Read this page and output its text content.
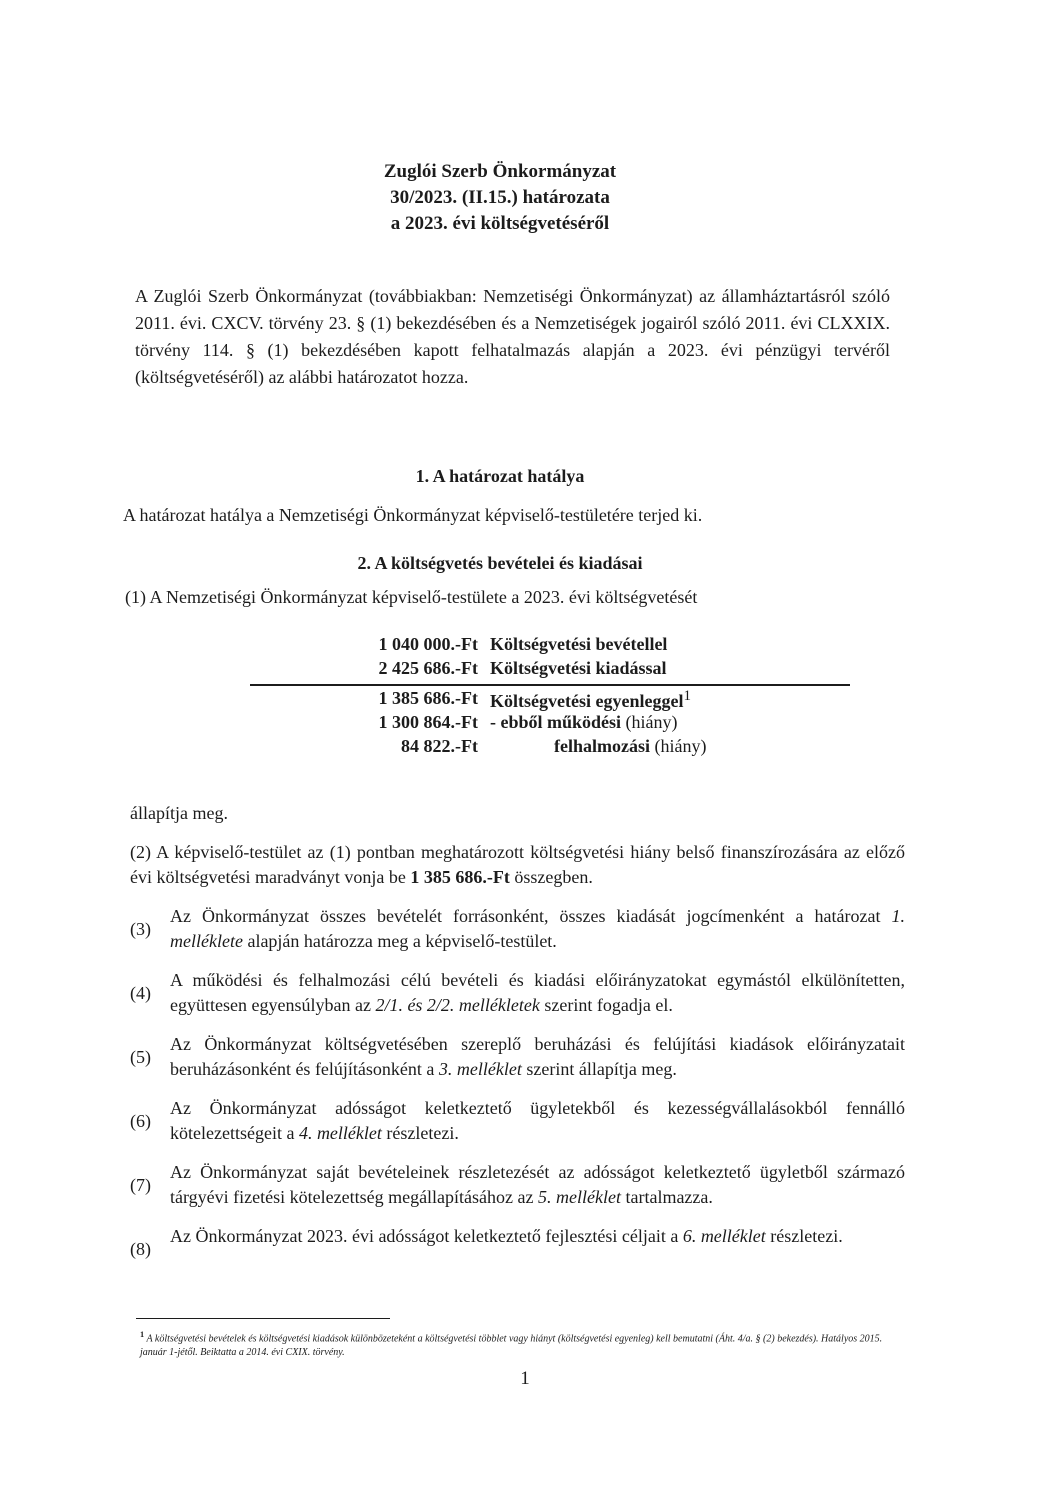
Zuglói Szerb Önkormányzat
30/2023. (II.15.) határozata
a 2023. évi költségvetéséről
A Zuglói Szerb Önkormányzat (továbbiakban: Nemzetiségi Önkormányzat) az államháztartásról szóló 2011. évi. CXCV. törvény 23. § (1) bekezdésében és a Nemzetiségek jogairól szóló 2011. évi CLXXIX. törvény 114. § (1) bekezdésében kapott felhatalmazás alapján a 2023. évi pénzügyi tervéről (költségvetéséről) az alábbi határozatot hozza.
1. A határozat hatálya
A határozat hatálya a Nemzetiségi Önkormányzat képviselő-testületére terjed ki.
2. A költségvetés bevételei és kiadásai
(1) A Nemzetiségi Önkormányzat képviselő-testülete a 2023. évi költségvetését
1 040 000.-Ft Költségvetési bevétellel
2 425 686.-Ft Költségvetési kiadással
1 385 686.-Ft Költségvetési egyenleggel$^1$
1 300 864.-Ft - ebből működési (hiány)
84 822.-Ft	felhalmozási (hiány)
állapítja meg.
(2) A képviselő-testület az (1) pontban meghatározott költségvetési hiány belső finanszírozására az előző évi költségvetési maradványt vonja be 1 385 686.-Ft összegben.
(3)
Az Önkormányzat összes bevételét forrásonként, összes kiadását jogcímenként a határozat 1. melléklete alapján határozza meg a képviselő-testület.
(4)
A működési és felhalmozási célú bevételi és kiadási előirányzatokat egymástól elkülönítetten, együttesen egyensúlyban az 2/1. és 2/2. mellékletek szerint fogadja el.
(5)
Az Önkormányzat költségvetésében szereplő beruházási és felújítási kiadások előirányzatait beruházásonként és felújításonként a 3. melléklet szerint állapítja meg.
(6)
Az Önkormányzat adósságot keletkeztető ügyletekből és kezességvállalásokból fennálló kötelezettségeit a 4. melléklet részletezi.
(7)
Az Önkormányzat saját bevételeinek részletezését az adósságot keletkeztető ügyletből származó tárgyévi fizetési kötelezettség megállapításához az 5. melléklet tartalmazza.
(8)
Az Önkormányzat 2023. évi adósságot keletkeztető fejlesztési céljait a 6. melléklet részletezi.
$^1$ A költségvetési bevételek és költségvetési kiadások különbözeteként a költségvetési többlet vagy hiányt (költségvetési egyenleg) kell bemutatni (Áht. 4/a. § (2) bekezdés). Hatályos 2015. január 1-jétől. Beiktatta a 2014. évi CXIX. törvény.
1
